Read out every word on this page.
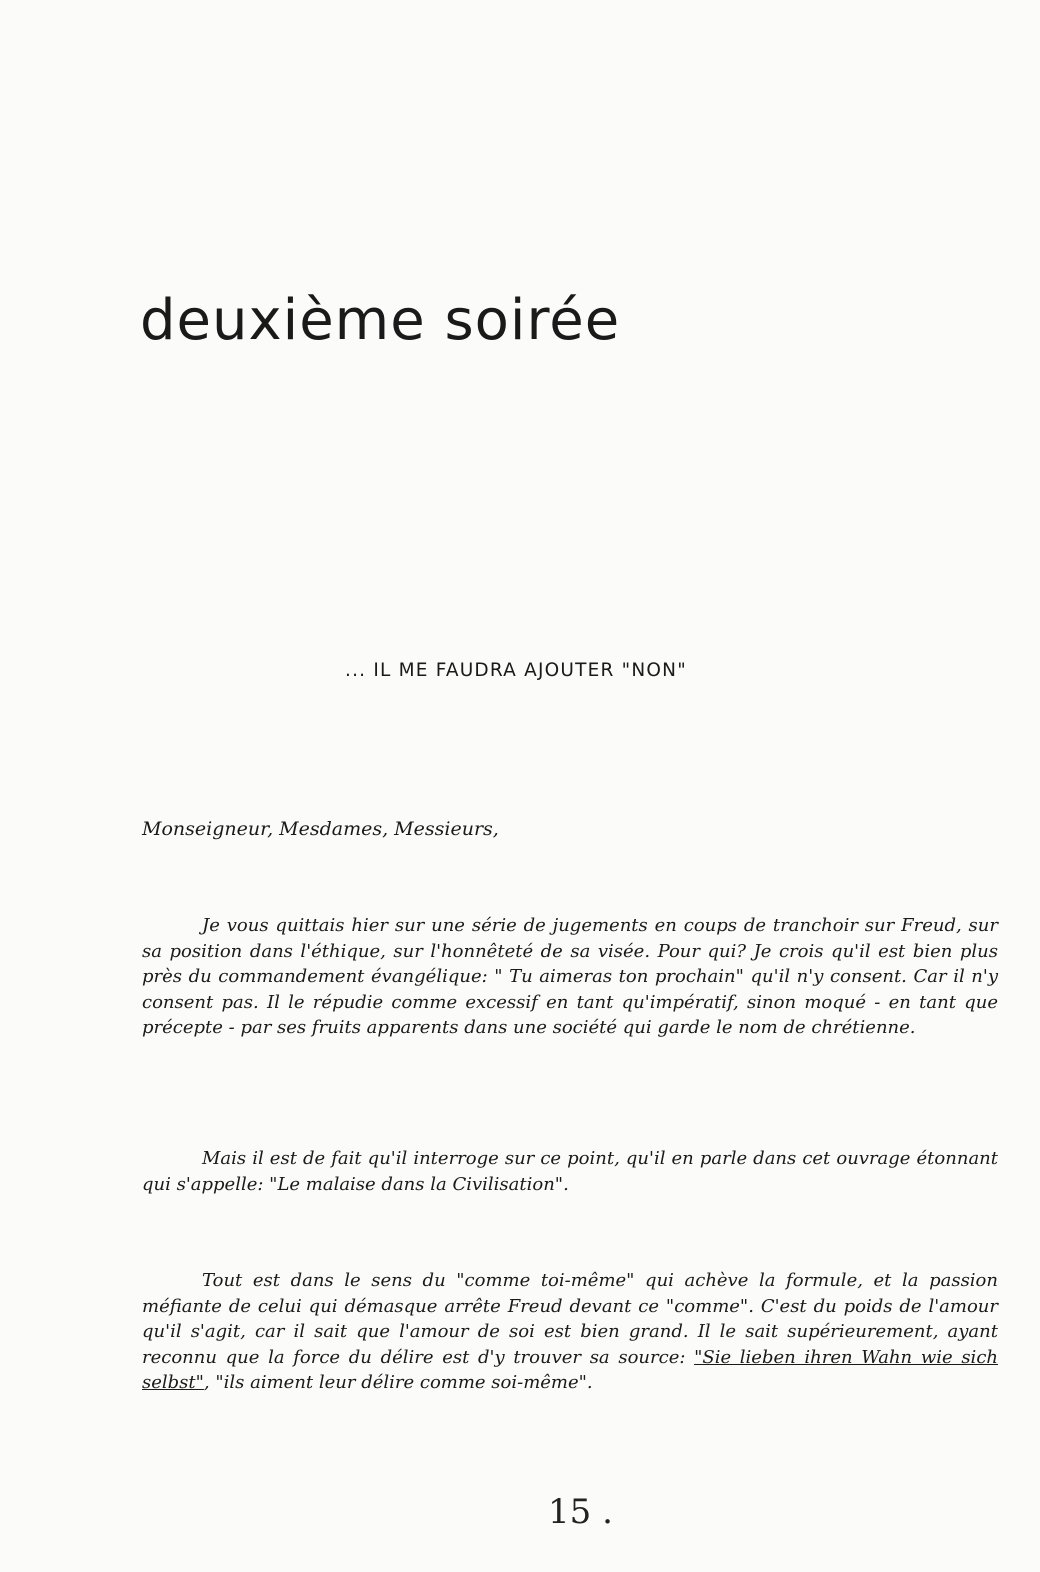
deuxième soirée
... IL ME FAUDRA AJOUTER "NON"
Monseigneur, Mesdames, Messieurs,

Je vous quittais hier sur une série de jugements en coups de tranchoir sur Freud, sur sa position dans l'éthique, sur l'honnêteté de sa visée. Pour qui? Je crois qu'il est bien plus près du commandement évangélique: " Tu aimeras ton prochain" qu'il n'y consent. Car il n'y consent pas. Il le répudie comme excessif en tant qu'impératif, sinon moqué - en tant que précepte - par ses fruits apparents dans une société qui garde le nom de chrétienne.

Mais il est de fait qu'il interroge sur ce point, qu'il en parle dans cet ouvrage étonnant qui s'appelle: "Le malaise dans la Civilisation".

Tout est dans le sens du "comme toi-même" qui achève la formule, et la passion méfiante de celui qui démasque arrête Freud devant ce "comme". C'est du poids de l'amour qu'il s'agit, car il sait que l'amour de soi est bien grand. Il le sait supérieurement, ayant reconnu que la force du délire est d'y trouver sa source: "Sie lieben ihren Wahn wie sich selbst", "ils aiment leur délire comme soi-même".

15 .
